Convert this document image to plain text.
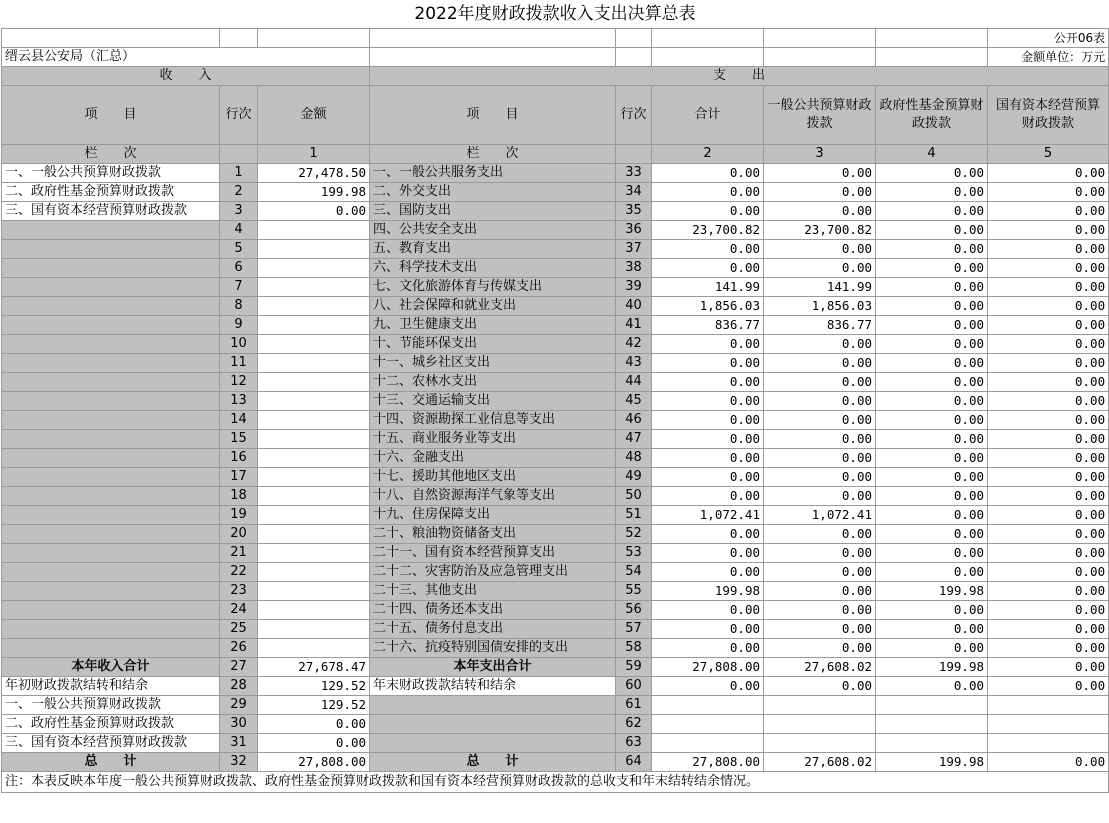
2022年度财政拨款收入支出决算总表								
								公开06表
缙云县公安局（汇总）								金额单位：万元
收　　入			支　　出					
项　　目	行次	金额	项　　目	行次	合计	一般公共预算财政拨款	政府性基金预算财政拨款	国有资本经营预算财政拨款
栏　　次		1	栏　　次		2	3	4	5
一、一般公共预算财政拨款	1	27,478.50	一、一般公共服务支出	33	0.00	0.00	0.00	0.00
二、政府性基金预算财政拨款	2	199.98	二、外交支出	34	0.00	0.00	0.00	0.00
三、国有资本经营预算财政拨款	3	0.00	三、国防支出	35	0.00	0.00	0.00	0.00
	4		四、公共安全支出	36	23,700.82	23,700.82	0.00	0.00
	5		五、教育支出	37	0.00	0.00	0.00	0.00
	6		六、科学技术支出	38	0.00	0.00	0.00	0.00
	7		七、文化旅游体育与传媒支出	39	141.99	141.99	0.00	0.00
	8		八、社会保障和就业支出	40	1,856.03	1,856.03	0.00	0.00
	9		九、卫生健康支出	41	836.77	836.77	0.00	0.00
	10		十、节能环保支出	42	0.00	0.00	0.00	0.00
	11		十一、城乡社区支出	43	0.00	0.00	0.00	0.00
	12		十二、农林水支出	44	0.00	0.00	0.00	0.00
	13		十三、交通运输支出	45	0.00	0.00	0.00	0.00
	14		十四、资源勘探工业信息等支出	46	0.00	0.00	0.00	0.00
	15		十五、商业服务业等支出	47	0.00	0.00	0.00	0.00
	16		十六、金融支出	48	0.00	0.00	0.00	0.00
	17		十七、援助其他地区支出	49	0.00	0.00	0.00	0.00
	18		十八、自然资源海洋气象等支出	50	0.00	0.00	0.00	0.00
	19		十九、住房保障支出	51	1,072.41	1,072.41	0.00	0.00
	20		二十、粮油物资储备支出	52	0.00	0.00	0.00	0.00
	21		二十一、国有资本经营预算支出	53	0.00	0.00	0.00	0.00
	22		二十二、灾害防治及应急管理支出	54	0.00	0.00	0.00	0.00
	23		二十三、其他支出	55	199.98	0.00	199.98	0.00
	24		二十四、债务还本支出	56	0.00	0.00	0.00	0.00
	25		二十五、债务付息支出	57	0.00	0.00	0.00	0.00
	26		二十六、抗疫特别国债安排的支出	58	0.00	0.00	0.00	0.00
本年收入合计	27	27,678.47	本年支出合计	59	27,808.00	27,608.02	199.98	0.00
年初财政拨款结转和结余	28	129.52	年末财政拨款结转和结余	60	0.00	0.00	0.00	0.00
一、一般公共预算财政拨款	29	129.52		61				
二、政府性基金预算财政拨款	30	0.00		62				
三、国有资本经营预算财政拨款	31	0.00		63				
总　　计	32	27,808.00	总　　计	64	27,808.00	27,608.02	199.98	0.00
注：本表反映本年度一般公共预算财政拨款、政府性基金预算财政拨款和国有资本经营预算财政拨款的总收支和年末结转结余情况。								
